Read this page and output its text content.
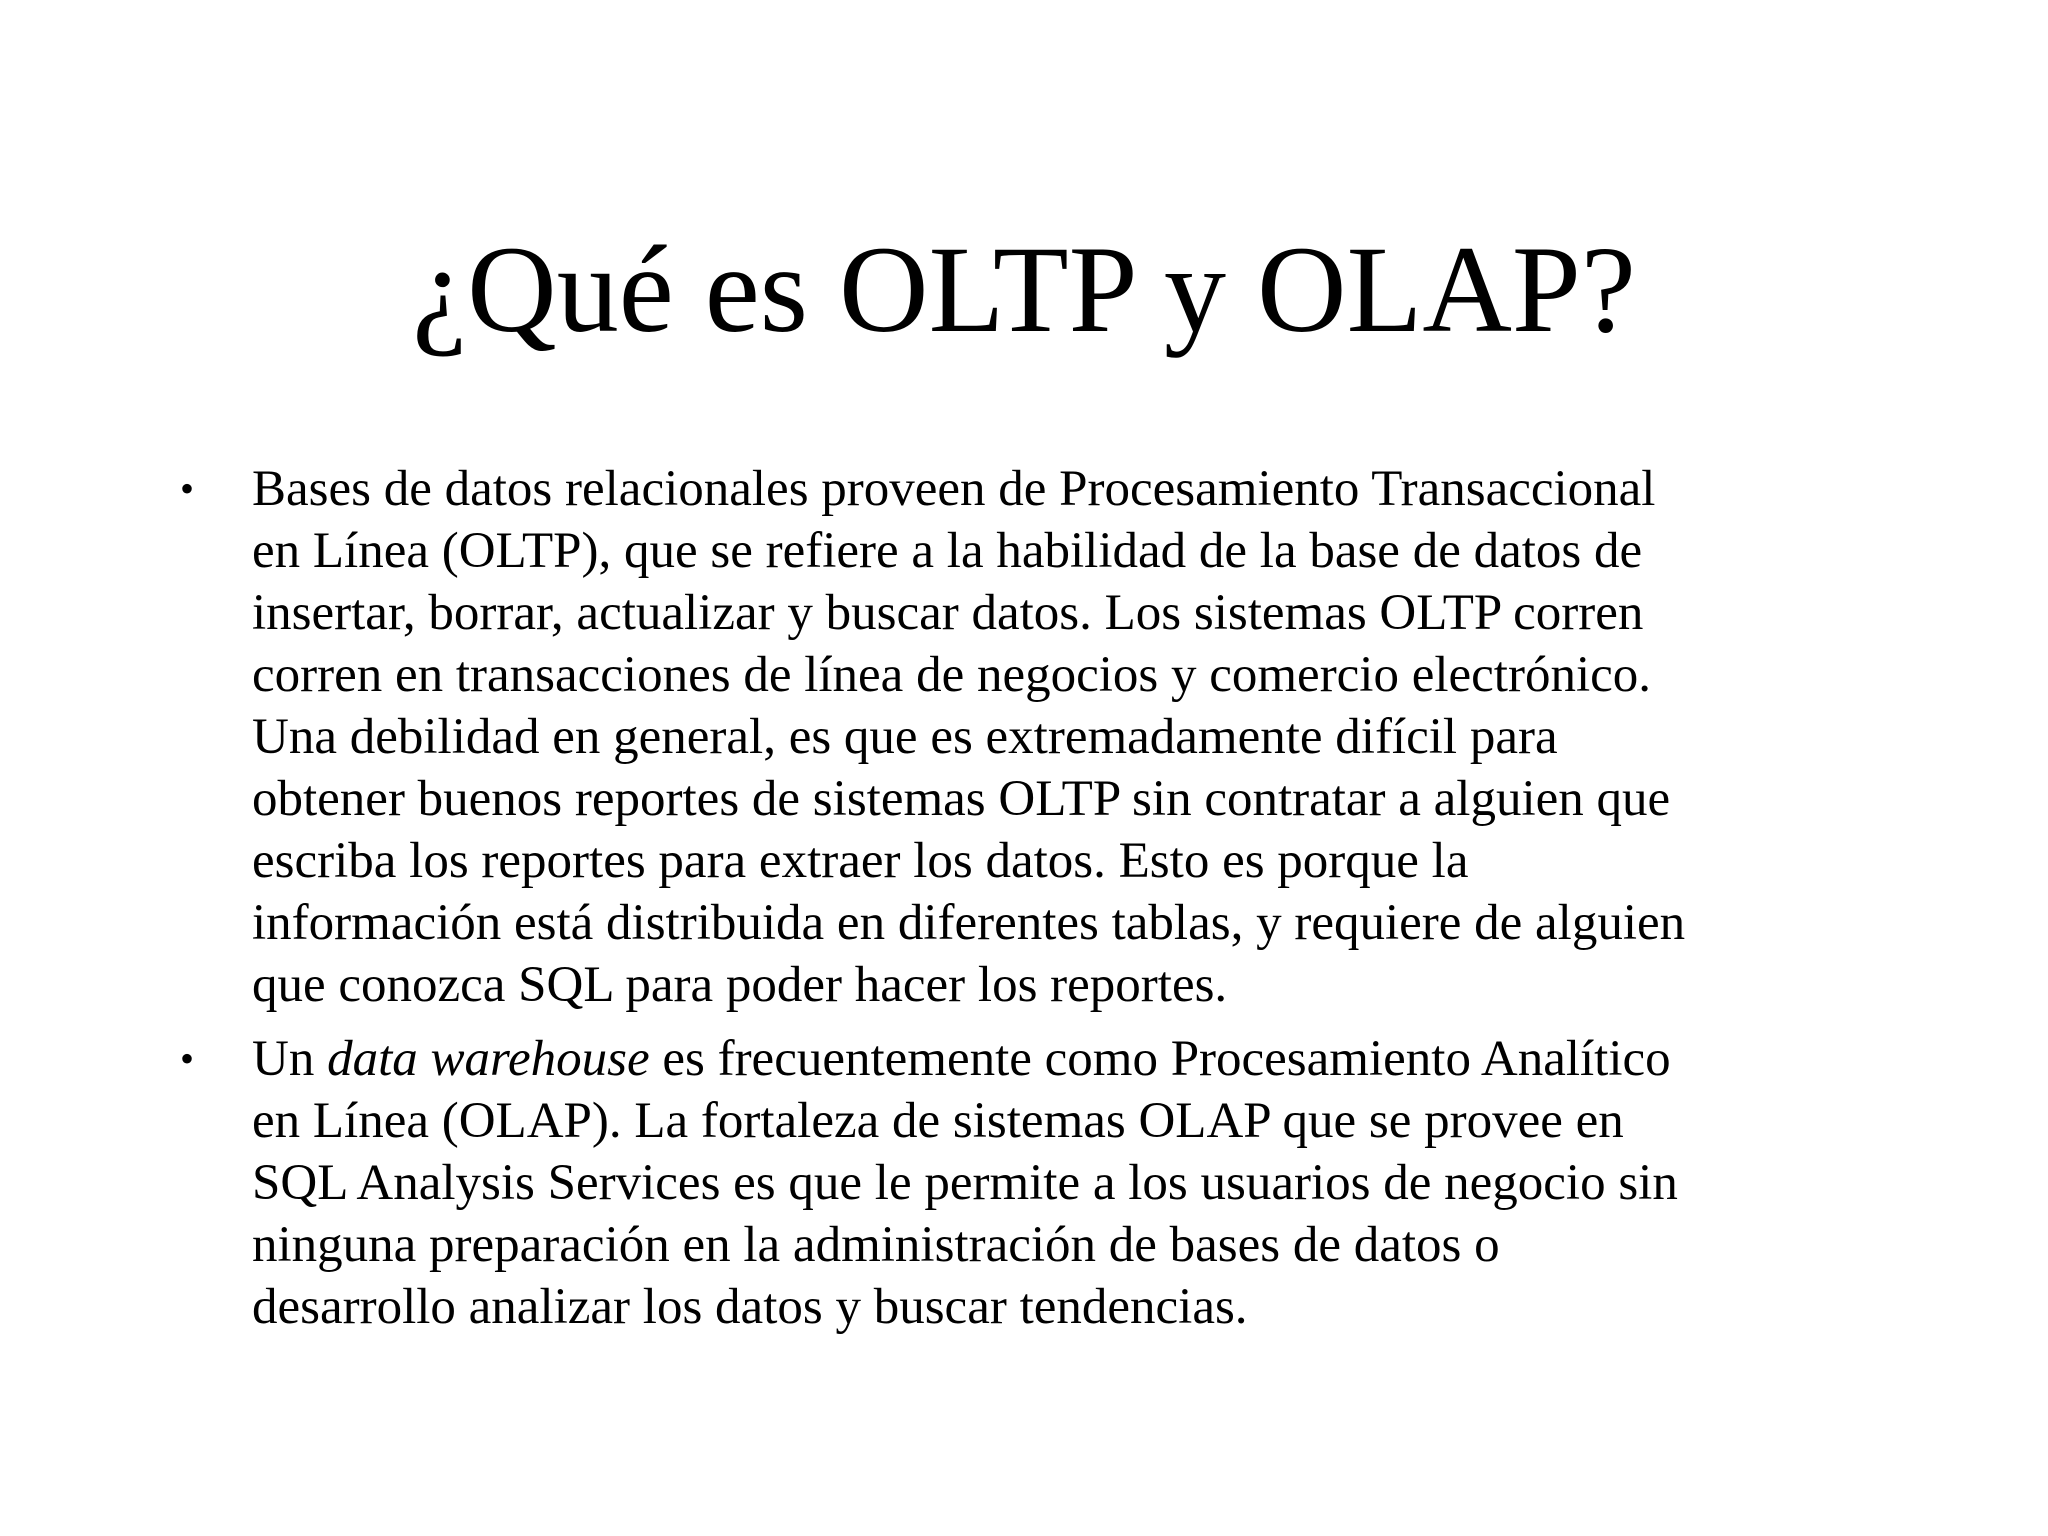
¿Qué es OLTP y OLAP?
• Bases de datos relacionales proveen de Procesamiento Transaccional
en Línea (OLTP), que se refiere a la habilidad de la base de datos de
insertar, borrar, actualizar y buscar datos. Los sistemas OLTP corren
corren en transacciones de línea de negocios y comercio electrónico.
Una debilidad en general, es que es extremadamente difícil para
obtener buenos reportes de sistemas OLTP sin contratar a alguien que
escriba los reportes para extraer los datos. Esto es porque la
información está distribuida en diferentes tablas, y requiere de alguien
que conozca SQL para poder hacer los reportes.
• Un data warehouse es frecuentemente como Procesamiento Analítico
en Línea (OLAP). La fortaleza de sistemas OLAP que se provee en
SQL Analysis Services es que le permite a los usuarios de negocio sin
ninguna preparación en la administración de bases de datos o
desarrollo analizar los datos y buscar tendencias.
